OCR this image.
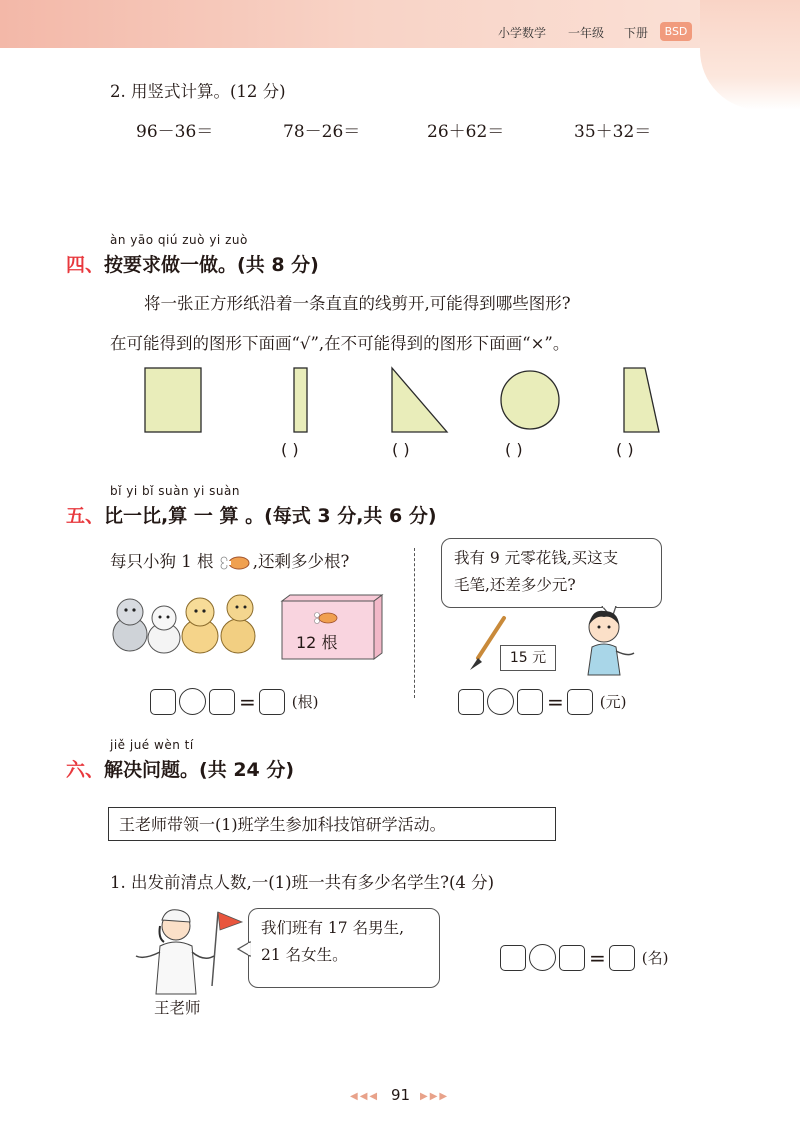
小学数学 一年级 下册	BSD
2. 用竖式计算。(12 分)
96－36＝	78－26＝	26＋62＝	35＋32＝
àn yāo qiú zuò yi zuò
四、按要求做一做。(共 8 分)
将一张正方形纸沿着一条直直的线剪开,可能得到哪些图形?
在可能得到的图形下面画“√”,在不可能得到的图形下面画“×”。
( )	( )	( )	( )
bǐ yi bǐ suàn yi suàn
五、比一比,算 一 算 。(每式 3 分,共 6 分)
每只小狗 1 根 ,还剩多少根?
12 根
= (根)
我有 9 元零花钱,买这支
毛笔,还差多少元?
15 元
= (元)
jiě jué wèn tí
六、解决问题。(共 24 分)
王老师带领一(1)班学生参加科技馆研学活动。
1. 出发前清点人数,一(1)班一共有多少名学生?(4 分)
王老师
我们班有 17 名男生,
21 名女生。	= (名)
◀◀◀ 91 ▶▶▶
